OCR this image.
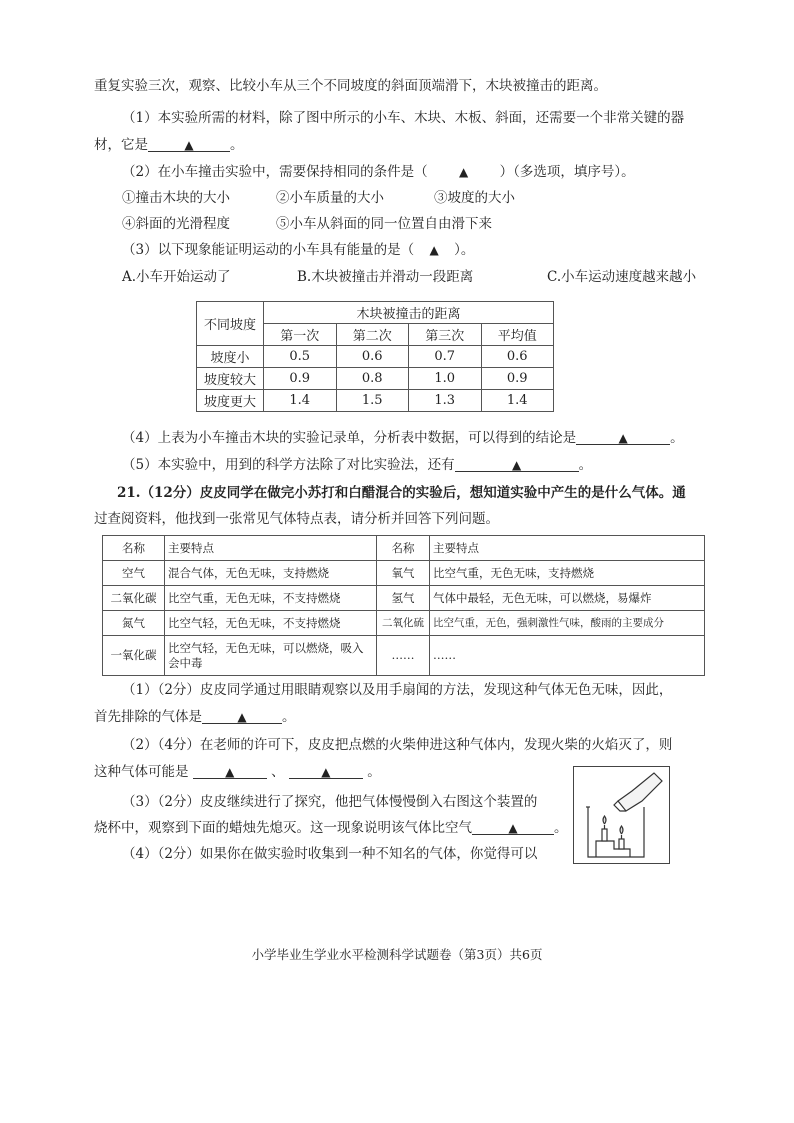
重复实验三次，观察、比较小车从三个不同坡度的斜面顶端滑下，木块被撞击的距离。
（1）本实验所需的材料，除了图中所示的小车、木块、木板、斜面，还需要一个非常关键的器
材，它是	▲	。
（2）在小车撞击实验中，需要保持相同的条件是（	▲ ）（多选项，填序号）。
①撞击木块的大小	②小车质量的大小	③坡度的大小
④斜面的光滑程度	⑤小车从斜面的同一位置自由滑下来
（3）以下现象能证明运动的小车具有能量的是（ ▲ ）。
A.小车开始运动了	B.木块被撞击并滑动一段距离	C.小车运动速度越来越小
不同坡度	木块被撞击的距离			
	第一次	第二次	第三次	平均值
坡度小	0.5	0.6	0.7	0.6
坡度较大	0.9	0.8	1.0	0.9
坡度更大	1.4	1.5	1.3	1.4
（4）上表为小车撞击木块的实验记录单，分析表中数据，可以得到的结论是	▲	。
（5）本实验中，用到的科学方法除了对比实验法，还有	▲	。
21.（12分）皮皮同学在做完小苏打和白醋混合的实验后，想知道实验中产生的是什么气体。通
过查阅资料，他找到一张常见气体特点表，请分析并回答下列问题。
名称	主要特点	名称	主要特点
空气	混合气体，无色无味，支持燃烧	氧气	比空气重，无色无味，支持燃烧
二氧化碳	比空气重，无色无味，不支持燃烧	氢气	气体中最轻，无色无味，可以燃烧，易爆炸
氮气	比空气轻，无色无味，不支持燃烧	二氧化硫	比空气重，无色，强刺激性气味，酸雨的主要成分
一氧化碳	比空气轻，无色无味，可以燃烧，吸入会中毒	……	……
（1）（2分）皮皮同学通过用眼睛观察以及用手扇闻的方法，发现这种气体无色无味，因此，
首先排除的气体是	▲	。
（2）（4分）在老师的许可下，皮皮把点燃的火柴伸进这种气体内，发现火柴的火焰灭了，则
这种气体可能是	▲	、	▲	。
（3）（2分）皮皮继续进行了探究，他把气体慢慢倒入右图这个装置的
烧杯中，观察到下面的蜡烛先熄灭。这一现象说明该气体比空气	▲	。
（4）（2分）如果你在做实验时收集到一种不知名的气体，你觉得可以
小学毕业生学业水平检测科学试题卷（第3页）共6页
